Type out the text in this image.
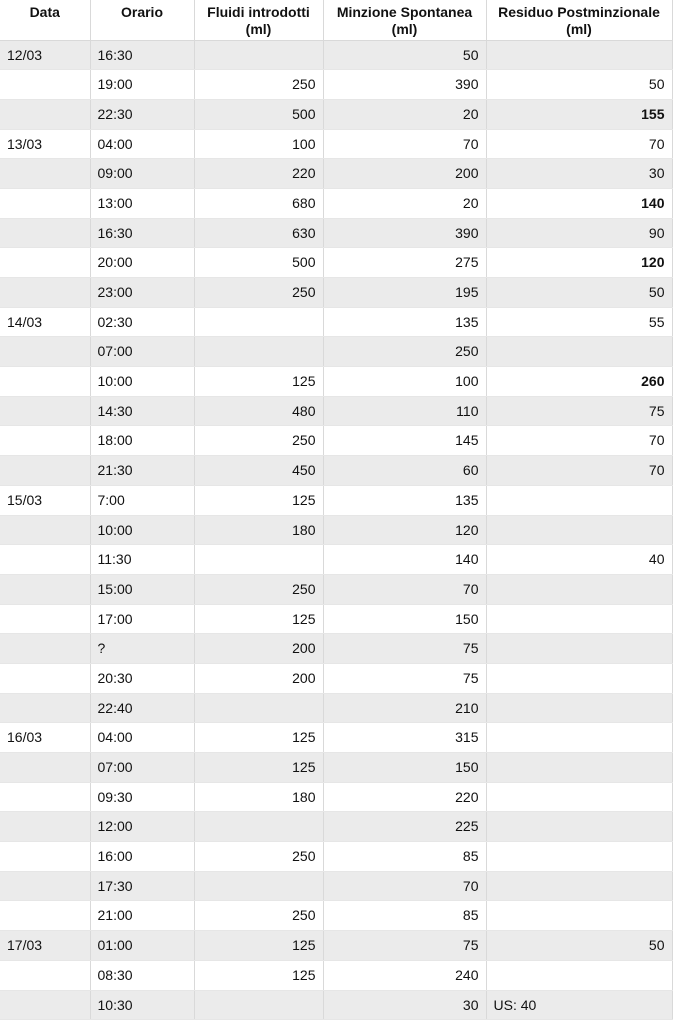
Data	Orario	Fluidi introdotti (ml)	Minzione Spontanea (ml)	Residuo Postminzionale (ml)
12/03	16:30		50	
	19:00	250	390	50
	22:30	500	20	155
13/03	04:00	100	70	70
	09:00	220	200	30
	13:00	680	20	140
	16:30	630	390	90
	20:00	500	275	120
	23:00	250	195	50
14/03	02:30		135	55
	07:00		250	
	10:00	125	100	260
	14:30	480	110	75
	18:00	250	145	70
	21:30	450	60	70
15/03	7:00	125	135	
	10:00	180	120	
	11:30		140	40
	15:00	250	70	
	17:00	125	150	
	?	200	75	
	20:30	200	75	
	22:40		210	
16/03	04:00	125	315	
	07:00	125	150	
	09:30	180	220	
	12:00		225	
	16:00	250	85	
	17:30		70	
	21:00	250	85	
17/03	01:00	125	75	50
	08:30	125	240	
	10:30		30	US: 40
